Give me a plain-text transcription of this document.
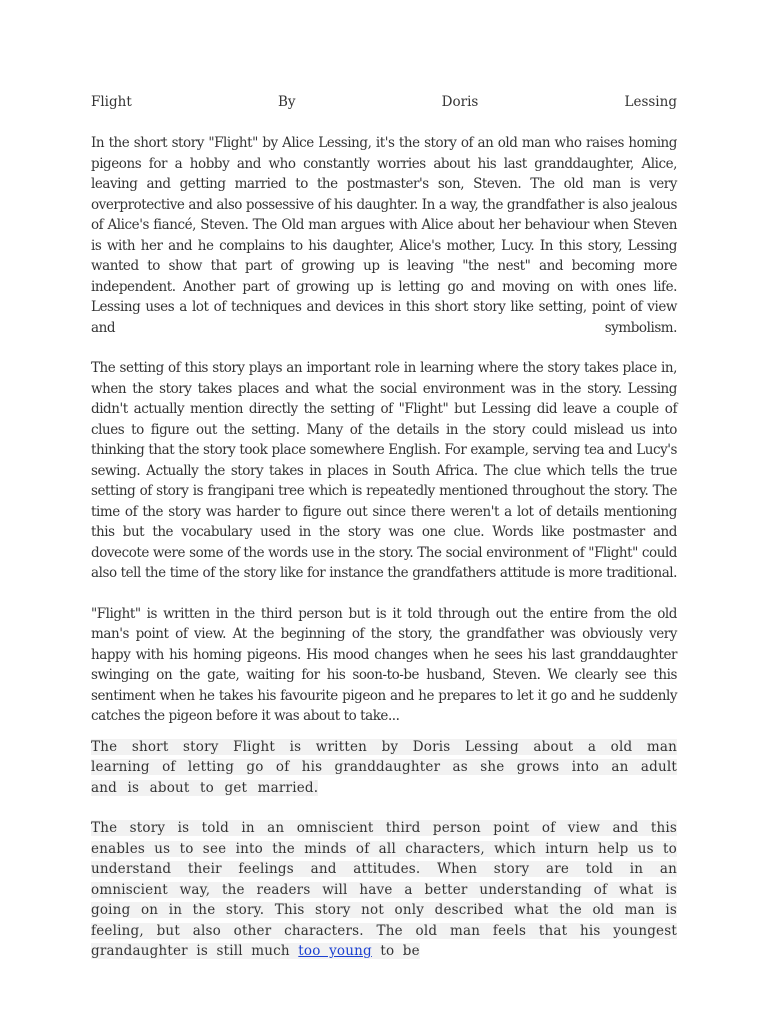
Flight	By	Doris	Lessing

In the short story "Flight" by Alice Lessing, it's the story of an old man who raises homing pigeons for a hobby and who constantly worries about his last granddaughter, Alice, leaving and getting married to the postmaster's son, Steven. The old man is very overprotective and also possessive of his daughter. In a way, the grandfather is also jealous of Alice's fiancé, Steven. The Old man argues with Alice about her behaviour when Steven is with her and he complains to his daughter, Alice's mother, Lucy. In this story, Lessing wanted to show that part of growing up is leaving "the nest" and becoming more independent. Another part of growing up is letting go and moving on with ones life. Lessing uses a lot of techniques and devices in this short story like setting, point of view and symbolism.

The setting of this story plays an important role in learning where the story takes place in, when the story takes places and what the social environment was in the story. Lessing didn't actually mention directly the setting of "Flight" but Lessing did leave a couple of clues to figure out the setting. Many of the details in the story could mislead us into thinking that the story took place somewhere English. For example, serving tea and Lucy's sewing. Actually the story takes in places in South Africa. The clue which tells the true setting of story is frangipani tree which is repeatedly mentioned throughout the story. The time of the story was harder to figure out since there weren't a lot of details mentioning this but the vocabulary used in the story was one clue. Words like postmaster and dovecote were some of the words use in the story. The social environment of "Flight" could also tell the time of the story like for instance the grandfathers attitude is more traditional.

"Flight" is written in the third person but is it told through out the entire from the old man's point of view. At the beginning of the story, the grandfather was obviously very happy with his homing pigeons. His mood changes when he sees his last granddaughter swinging on the gate, waiting for his soon-to-be husband, Steven. We clearly see this sentiment when he takes his favourite pigeon and he prepares to let it go and he suddenly catches the pigeon before it was about to take...

The short story Flight is written by Doris Lessing about a old man learning of letting go of his granddaughter as she grows into an adult and is about to get married.

The story is told in an omniscient third person point of view and this enables us to see into the minds of all characters, which inturn help us to understand their feelings and attitudes. When story are told in an omniscient way, the readers will have a better understanding of what is going on in the story. This story not only described what the old man is feeling, but also other characters. The old man feels that his youngest grandaughter is still much too young to be
